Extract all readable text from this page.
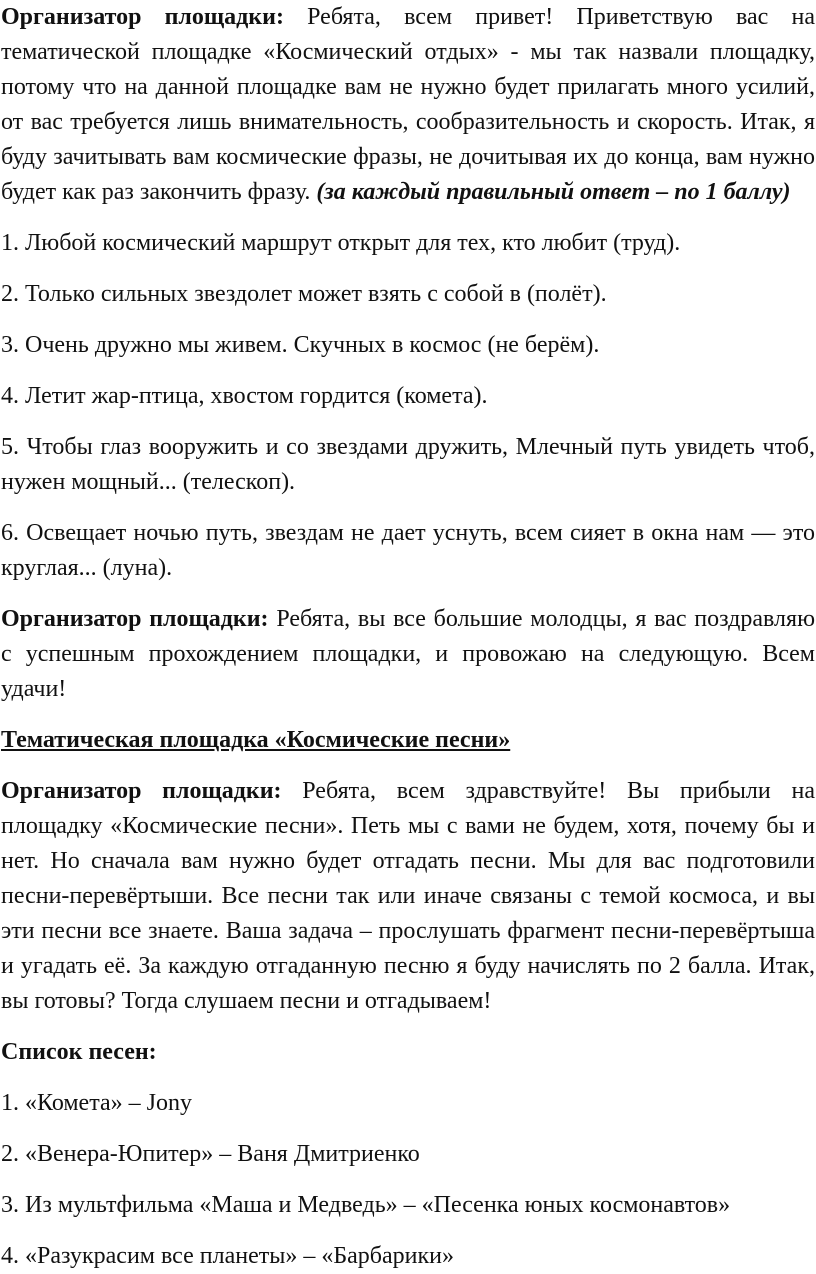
Организатор площадки: Ребята, всем привет! Приветствую вас на тематической площадке «Космический отдых» - мы так назвали площадку, потому что на данной площадке вам не нужно будет прилагать много усилий, от вас требуется лишь внимательность, сообразительность и скорость. Итак, я буду зачитывать вам космические фразы, не дочитывая их до конца, вам нужно будет как раз закончить фразу. (за каждый правильный ответ – по 1 баллу)

1. Любой космический маршрут открыт для тех, кто любит (труд).

2. Только сильных звездолет может взять с собой в (полёт).

3. Очень дружно мы живем. Скучных в космос (не берём).

4. Летит жар-птица, хвостом гордится (комета).

5. Чтобы глаз вооружить и со звездами дружить, Млечный путь увидеть чтоб, нужен мощный... (телескоп).

6. Освещает ночью путь, звездам не дает уснуть, всем сияет в окна нам — это круглая... (луна).

Организатор площадки: Ребята, вы все большие молодцы, я вас поздравляю с успешным прохождением площадки, и провожаю на следующую. Всем удачи!

Тематическая площадка «Космические песни»

Организатор площадки: Ребята, всем здравствуйте! Вы прибыли на площадку «Космические песни». Петь мы с вами не будем, хотя, почему бы и нет. Но сначала вам нужно будет отгадать песни. Мы для вас подготовили песни-перевёртыши. Все песни так или иначе связаны с темой космоса, и вы эти песни все знаете. Ваша задача – прослушать фрагмент песни-перевёртыша и угадать её. За каждую отгаданную песню я буду начислять по 2 балла. Итак, вы готовы? Тогда слушаем песни и отгадываем!

Список песен:

1. «Комета» – Jony

2. «Венера-Юпитер» – Ваня Дмитриенко

3. Из мультфильма «Маша и Медведь» – «Песенка юных космонавтов»

4. «Разукрасим все планеты» – «Барбарики»
